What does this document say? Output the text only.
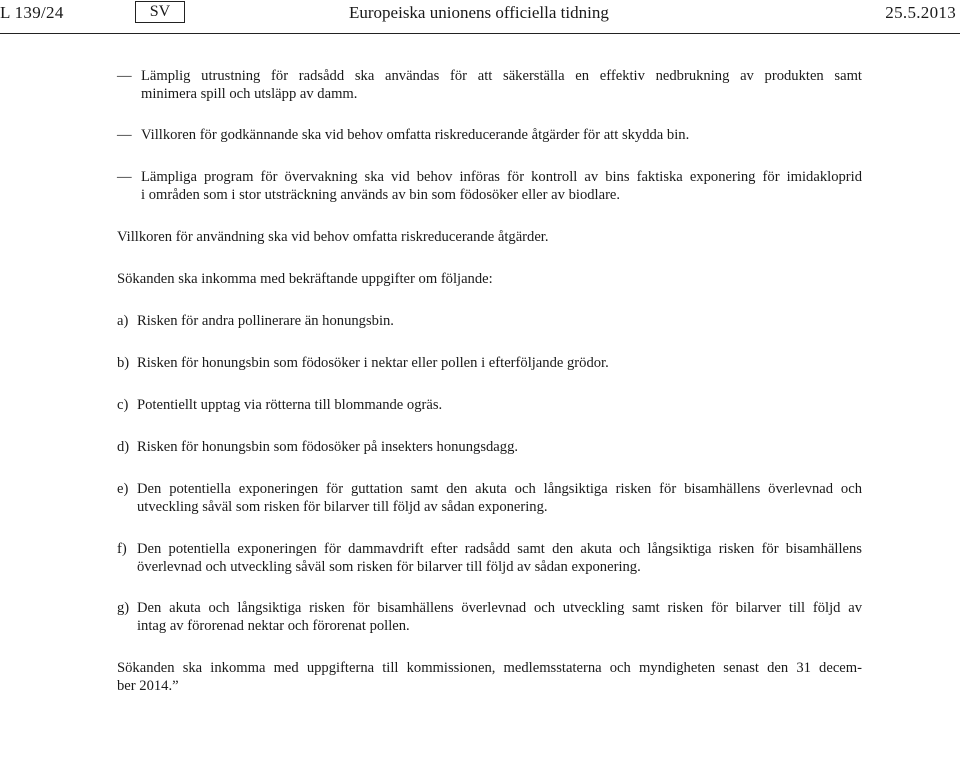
L 139/24	SV	Europeiska unionens officiella tidning	25.5.2013
— Lämplig utrustning för radsådd ska användas för att säkerställa en effektiv nedbrukning av produkten samt
minimera spill och utsläpp av damm.
— Villkoren för godkännande ska vid behov omfatta riskreducerande åtgärder för att skydda bin.
— Lämpliga program för övervakning ska vid behov införas för kontroll av bins faktiska exponering för imidakloprid
i områden som i stor utsträckning används av bin som födosöker eller av biodlare.
Villkoren för användning ska vid behov omfatta riskreducerande åtgärder.
Sökanden ska inkomma med bekräftande uppgifter om följande:
a) Risken för andra pollinerare än honungsbin.
b) Risken för honungsbin som födosöker i nektar eller pollen i efterföljande grödor.
c) Potentiellt upptag via rötterna till blommande ogräs.
d) Risken för honungsbin som födosöker på insekters honungsdagg.
e) Den potentiella exponeringen för guttation samt den akuta och långsiktiga risken för bisamhällens överlevnad och
utveckling såväl som risken för bilarver till följd av sådan exponering.
f) Den potentiella exponeringen för dammavdrift efter radsådd samt den akuta och långsiktiga risken för bisamhällens
överlevnad och utveckling såväl som risken för bilarver till följd av sådan exponering.
g) Den akuta och långsiktiga risken för bisamhällens överlevnad och utveckling samt risken för bilarver till följd av
intag av förorenad nektar och förorenat pollen.
Sökanden ska inkomma med uppgifterna till kommissionen, medlemsstaterna och myndigheten senast den 31 decem-
ber 2014.”
